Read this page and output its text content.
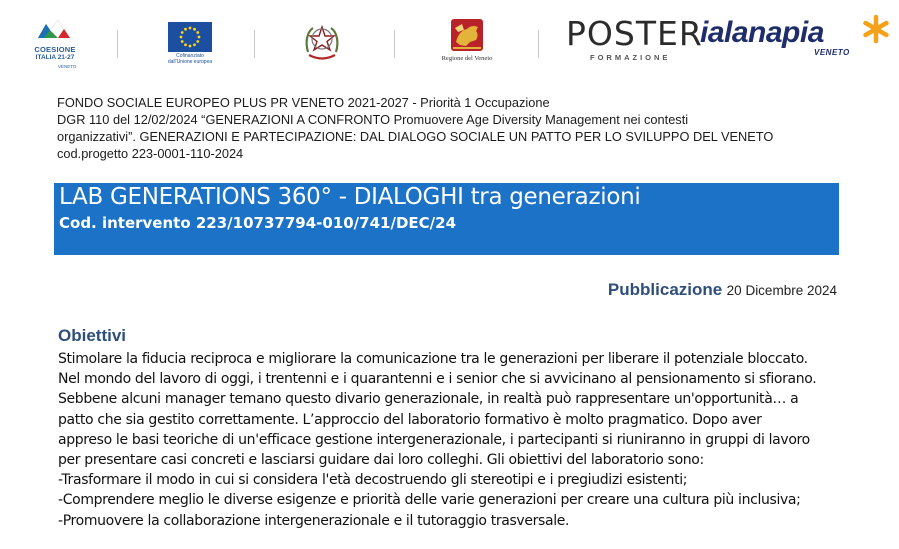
COESIONE
ITALIA 21-27
VENETO
Cofinanziato
dall'Unione europea	Regione del Veneto
POSTER
FORMAZIONE
ialanapia
VENETO
FONDO SOCIALE EUROPEO PLUS PR VENETO 2021-2027 - Priorità 1 Occupazione
DGR 110 del 12/02/2024 “GENERAZIONI A CONFRONTO Promuovere Age Diversity Management nei contesti
organizzativi”. GENERAZIONI E PARTECIPAZIONE: DAL DIALOGO SOCIALE UN PATTO PER LO SVILUPPO DEL VENETO
cod.progetto 223-0001-110-2024
LAB GENERATIONS 360° - DIALOGHI tra generazioni
Cod. intervento 223/10737794-010/741/DEC/24
Pubblicazione 20 Dicembre 2024
Obiettivi
Stimolare la fiducia reciproca e migliorare la comunicazione tra le generazioni per liberare il potenziale bloccato.
Nel mondo del lavoro di oggi, i trentenni e i quarantenni e i senior che si avvicinano al pensionamento si sfiorano.
Sebbene alcuni manager temano questo divario generazionale, in realtà può rappresentare un'opportunità… a
patto che sia gestito correttamente. L’approccio del laboratorio formativo è molto pragmatico. Dopo aver
appreso le basi teoriche di un'efficace gestione intergenerazionale, i partecipanti si riuniranno in gruppi di lavoro
per presentare casi concreti e lasciarsi guidare dai loro colleghi. Gli obiettivi del laboratorio sono:
-Trasformare il modo in cui si considera l'età decostruendo gli stereotipi e i pregiudizi esistenti;
-Comprendere meglio le diverse esigenze e priorità delle varie generazioni per creare una cultura più inclusiva;
-Promuovere la collaborazione intergenerazionale e il tutoraggio trasversale.
